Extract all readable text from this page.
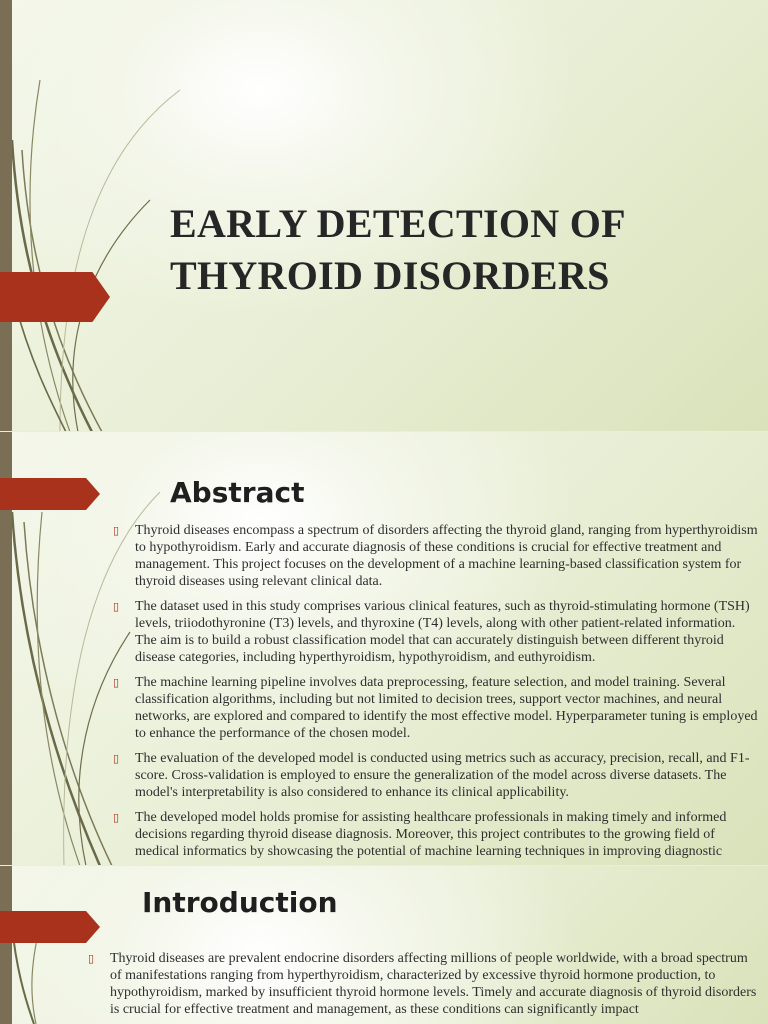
EARLY DETECTION OF
THYROID DISORDERS
Abstract
▯ Thyroid diseases encompass a spectrum of disorders affecting the thyroid gland, ranging from hyperthyroidism to hypothyroidism. Early and accurate diagnosis of these conditions is crucial for effective treatment and management. This project focuses on the development of a machine learning-based classification system for thyroid diseases using relevant clinical data.
▯ The dataset used in this study comprises various clinical features, such as thyroid-stimulating hormone (TSH) levels, triiodothyronine (T3) levels, and thyroxine (T4) levels, along with other patient-related information. The aim is to build a robust classification model that can accurately distinguish between different thyroid disease categories, including hyperthyroidism, hypothyroidism, and euthyroidism.
▯ The machine learning pipeline involves data preprocessing, feature selection, and model training. Several classification algorithms, including but not limited to decision trees, support vector machines, and neural networks, are explored and compared to identify the most effective model. Hyperparameter tuning is employed to enhance the performance of the chosen model.
▯ The evaluation of the developed model is conducted using metrics such as accuracy, precision, recall, and F1-score. Cross-validation is employed to ensure the generalization of the model across diverse datasets. The model's interpretability is also considered to enhance its clinical applicability.
▯ The developed model holds promise for assisting healthcare professionals in making timely and informed decisions regarding thyroid disease diagnosis. Moreover, this project contributes to the growing field of medical informatics by showcasing the potential of machine learning techniques in improving diagnostic
Introduction
▯ Thyroid diseases are prevalent endocrine disorders affecting millions of people worldwide, with a broad spectrum of manifestations ranging from hyperthyroidism, characterized by excessive thyroid hormone production, to hypothyroidism, marked by insufficient thyroid hormone levels. Timely and accurate diagnosis of thyroid disorders is crucial for effective treatment and management, as these conditions can significantly impact
